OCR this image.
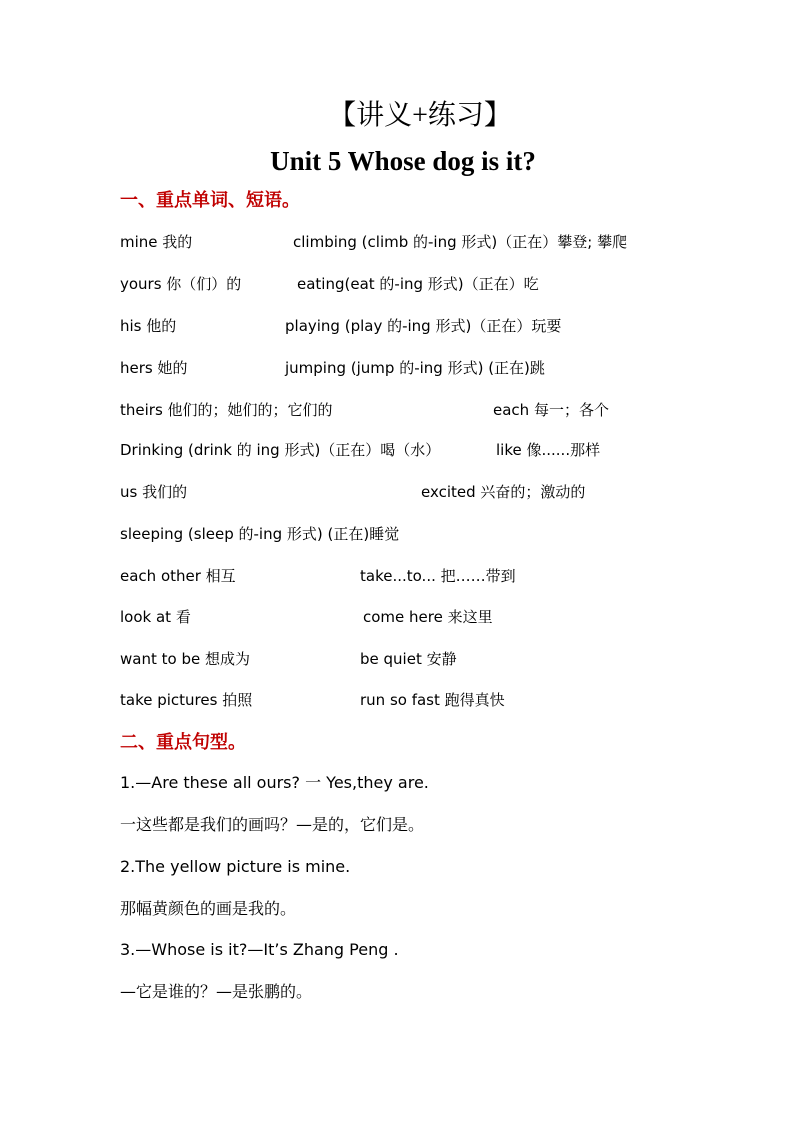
【讲义+练习】
Unit 5 Whose dog is it?
一、重点单词、短语。
mine 我的	climbing (climb 的-ing 形式)（正在）攀登; 攀爬
yours 你（们）的	eating(eat 的-ing 形式)（正在）吃
his 他的	playing (play 的-ing 形式)（正在）玩要
hers 她的	jumping (jump 的-ing 形式) (正在)跳
theirs 他们的；她们的；它们的	each 每一；各个
Drinking (drink 的 ing 形式)（正在）喝（水）	like 像......那样
us 我们的	excited 兴奋的；激动的
sleeping (sleep 的-ing 形式) (正在)睡觉
each other 相互	take...to... 把……带到
look at 看	come here 来这里
want to be 想成为	be quiet 安静
take pictures 拍照	run so fast 跑得真快
二、重点句型。
1.—Are these all ours? 一 Yes,they are.
一这些都是我们的画吗？—是的，它们是。
2.The yellow picture is mine.
那幅黄颜色的画是我的。
3.—Whose is it?—It’s Zhang Peng .
—它是谁的？—是张鹏的。
